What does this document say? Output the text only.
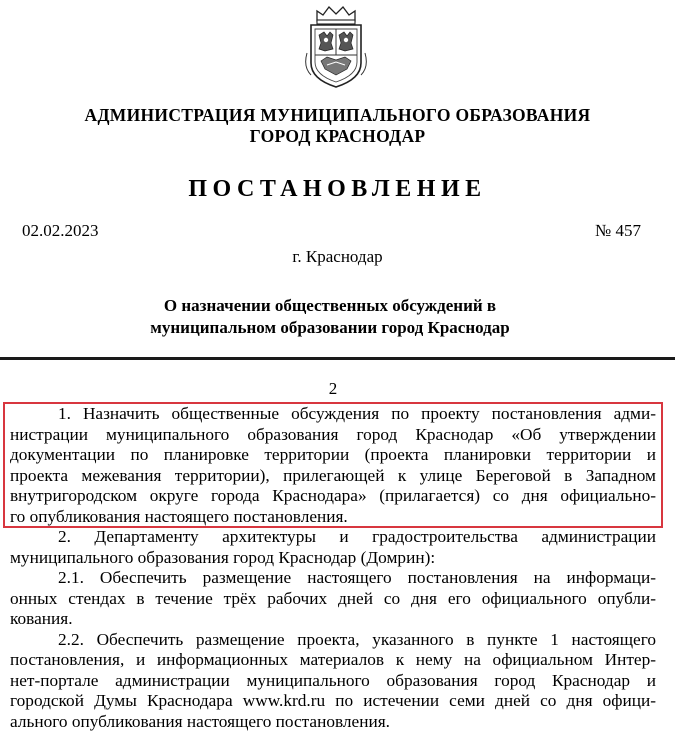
АДМИНИСТРАЦИЯ МУНИЦИПАЛЬНОГО ОБРАЗОВАНИЯ
ГОРОД КРАСНОДАР
ПОСТАНОВЛЕНИЕ
02.02.2023	№ 457
г. Краснодар
О назначении общественных обсуждений в
муниципальном образовании город Краснодар
2
1. Назначить общественные обсуждения по проекту постановления адми-
нистрации муниципального образования город Краснодар «Об утверждении
документации по планировке территории (проекта планировки территории и
проекта межевания территории), прилегающей к улице Береговой в Западном
внутригородском округе города Краснодара» (прилагается) со дня официально-
го опубликования настоящего постановления.
2. Департаменту архитектуры и градостроительства администрации
муниципального образования город Краснодар (Домрин):
2.1. Обеспечить размещение настоящего постановления на информаци-
онных стендах в течение трёх рабочих дней со дня его официального опубли-
кования.
2.2. Обеспечить размещение проекта, указанного в пункте 1 настоящего
постановления, и информационных материалов к нему на официальном Интер-
нет-портале администрации муниципального образования город Краснодар и
городской Думы Краснодара www.krd.ru по истечении семи дней со дня офици-
ального опубликования настоящего постановления.
